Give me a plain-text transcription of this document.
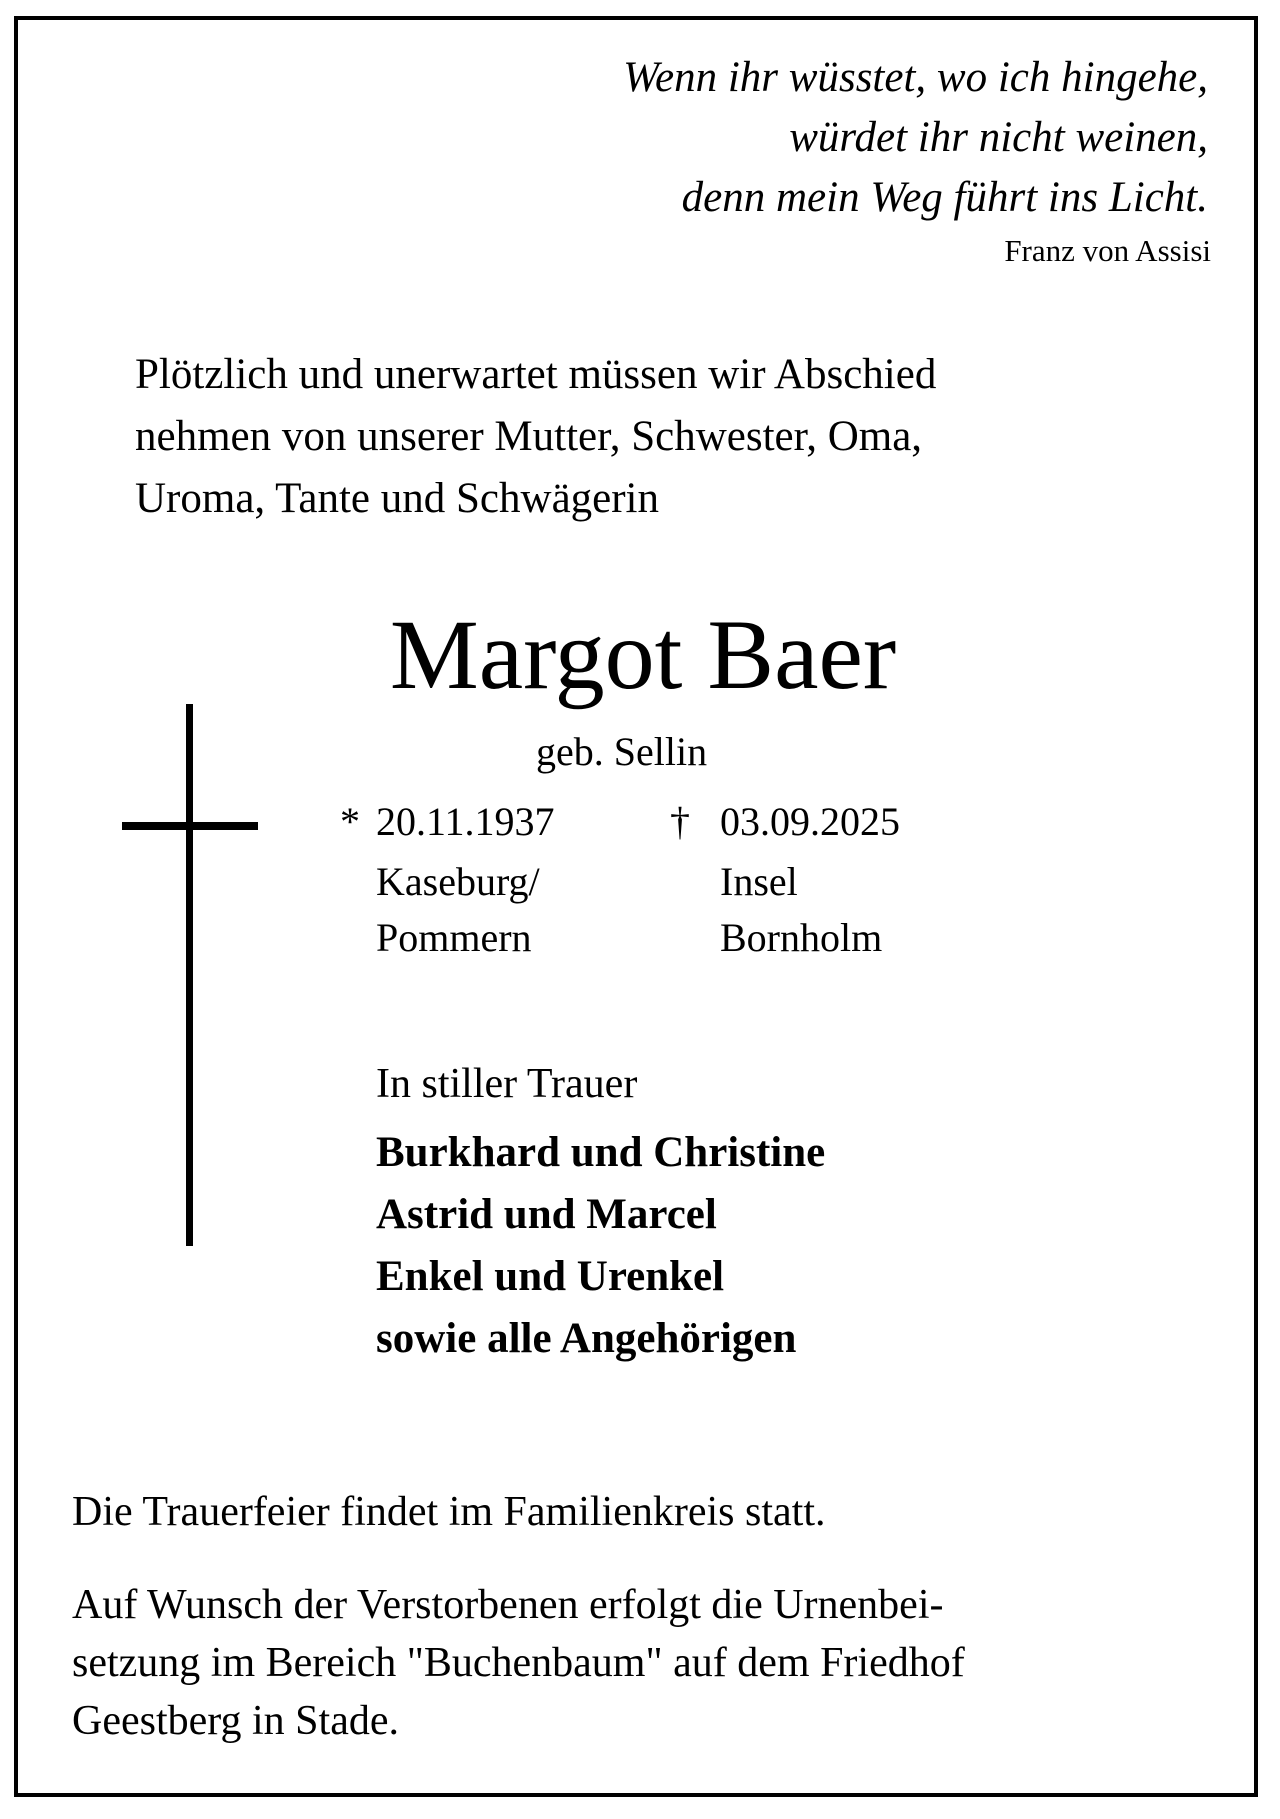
Wenn ihr wüsstet, wo ich hingehe,
würdet ihr nicht weinen,
denn mein Weg führt ins Licht.
Franz von Assisi
Plötzlich und unerwartet müssen wir Abschied
nehmen von unserer Mutter, Schwester, Oma,
Uroma, Tante und Schwägerin
Margot Baer
geb. Sellin
* 20.11.1937
Kaseburg/
Pommern
† 03.09.2025
Insel
Bornholm
In stiller Trauer
Burkhard und Christine
Astrid und Marcel
Enkel und Urenkel
sowie alle Angehörigen
Die Trauerfeier findet im Familienkreis statt.
Auf Wunsch der Verstorbenen erfolgt die Urnenbei-
setzung im Bereich "Buchenbaum" auf dem Friedhof
Geestberg in Stade.
